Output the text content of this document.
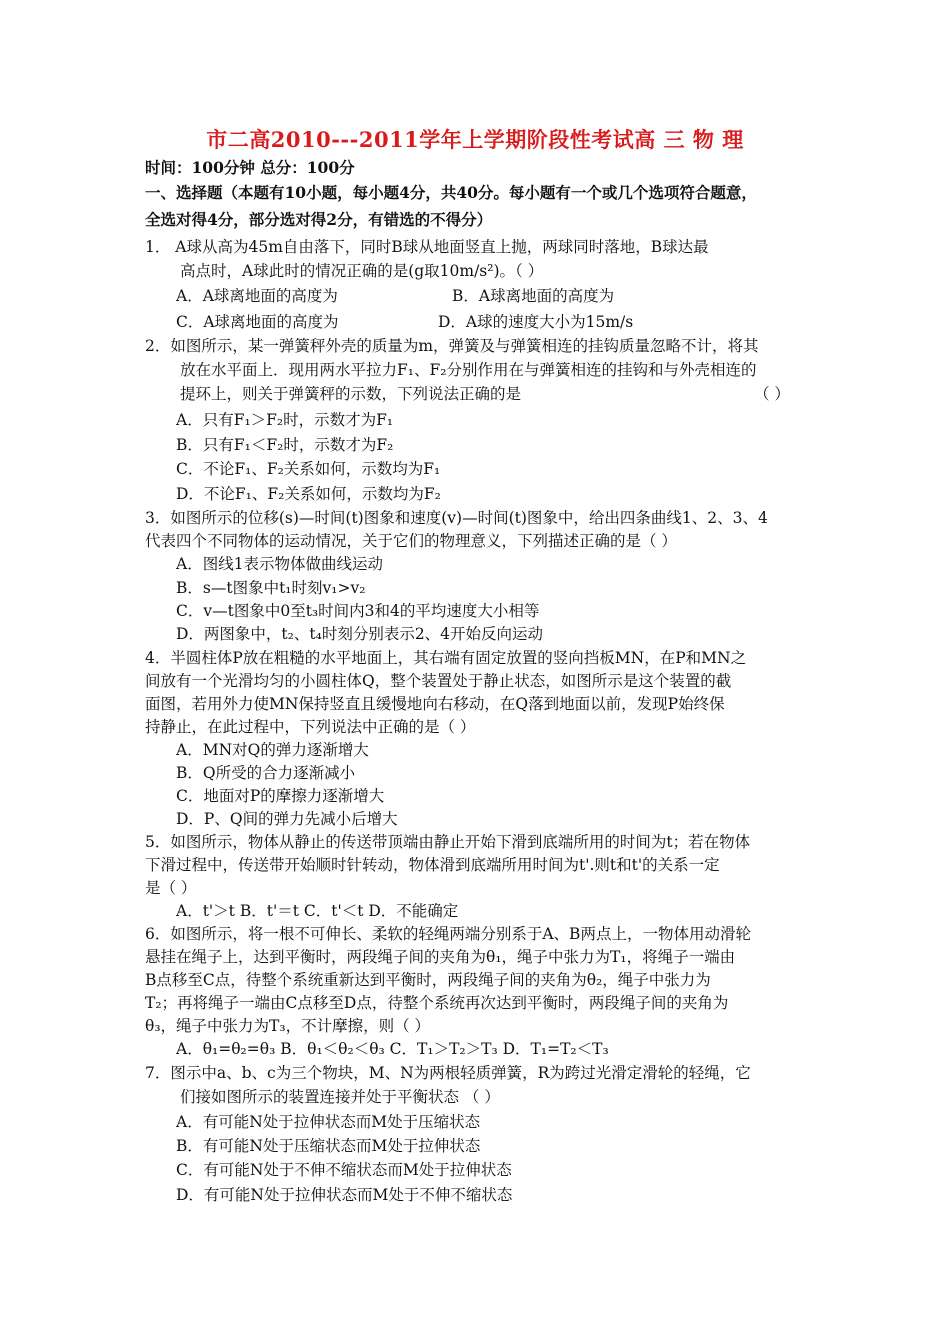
市二高2010---2011学年上学期阶段性考试高 三 物 理
时间：100分钟 总分：100分
一、选择题（本题有10小题，每小题4分，共40分。每小题有一个或几个选项符合题意，
全选对得4分，部分选对得2分，有错选的不得分）
1． A球从高为45m自由落下，同时B球从地面竖直上抛，两球同时落地，B球达最
高点时，A球此时的情况正确的是(g取10m/s²)。（ ）
A．A球离地面的高度为	B．A球离地面的高度为
C．A球离地面的高度为	D．A球的速度大小为15m/s
2．如图所示，某一弹簧秤外壳的质量为m，弹簧及与弹簧相连的挂钩质量忽略不计，将其
放在水平面上．现用两水平拉力F₁、F₂分别作用在与弹簧相连的挂钩和与外壳相连的
提环上，则关于弹簧秤的示数，下列说法正确的是	（ ）
A．只有F₁＞F₂时，示数才为F₁
B．只有F₁＜F₂时，示数才为F₂
C．不论F₁、F₂关系如何，示数均为F₁
D．不论F₁、F₂关系如何，示数均为F₂
3．如图所示的位移(s)—时间(t)图象和速度(v)—时间(t)图象中，给出四条曲线1、2、3、4
代表四个不同物体的运动情况，关于它们的物理意义，下列描述正确的是（ ）
A．图线1表示物体做曲线运动
B．s—t图象中t₁时刻v₁>v₂
C．v—t图象中0至t₃时间内3和4的平均速度大小相等
D．两图象中，t₂、t₄时刻分别表示2、4开始反向运动
4．半圆柱体P放在粗糙的水平地面上，其右端有固定放置的竖向挡板MN，在P和MN之
间放有一个光滑均匀的小圆柱体Q，整个装置处于静止状态，如图所示是这个装置的截
面图，若用外力使MN保持竖直且缓慢地向右移动，在Q落到地面以前，发现P始终保
持静止，在此过程中，下列说法中正确的是（ ）
A．MN对Q的弹力逐渐增大
B．Q所受的合力逐渐减小
C．地面对P的摩擦力逐渐增大
D．P、Q间的弹力先减小后增大
5．如图所示，物体从静止的传送带顶端由静止开始下滑到底端所用的时间为t；若在物体
下滑过程中，传送带开始顺时针转动，物体滑到底端所用时间为t'.则t和t'的关系一定
是（ ）
A．t'＞t B．t'＝t C．t'＜t D．不能确定
6．如图所示，将一根不可伸长、柔软的轻绳两端分别系于A、B两点上，一物体用动滑轮
悬挂在绳子上，达到平衡时，两段绳子间的夹角为θ₁，绳子中张力为T₁，将绳子一端由
B点移至C点，待整个系统重新达到平衡时，两段绳子间的夹角为θ₂，绳子中张力为
T₂；再将绳子一端由C点移至D点，待整个系统再次达到平衡时，两段绳子间的夹角为
θ₃，绳子中张力为T₃，不计摩擦，则（ ）
A．θ₁=θ₂=θ₃ B．θ₁＜θ₂＜θ₃ C．T₁＞T₂＞T₃ D．T₁=T₂＜T₃
7．图示中a、b、c为三个物块，M、N为两根轻质弹簧，R为跨过光滑定滑轮的轻绳，它
们接如图所示的装置连接并处于平衡状态 （ ）
A．有可能N处于拉伸状态而M处于压缩状态
B．有可能N处于压缩状态而M处于拉伸状态
C．有可能N处于不伸不缩状态而M处于拉伸状态
D．有可能N处于拉伸状态而M处于不伸不缩状态
